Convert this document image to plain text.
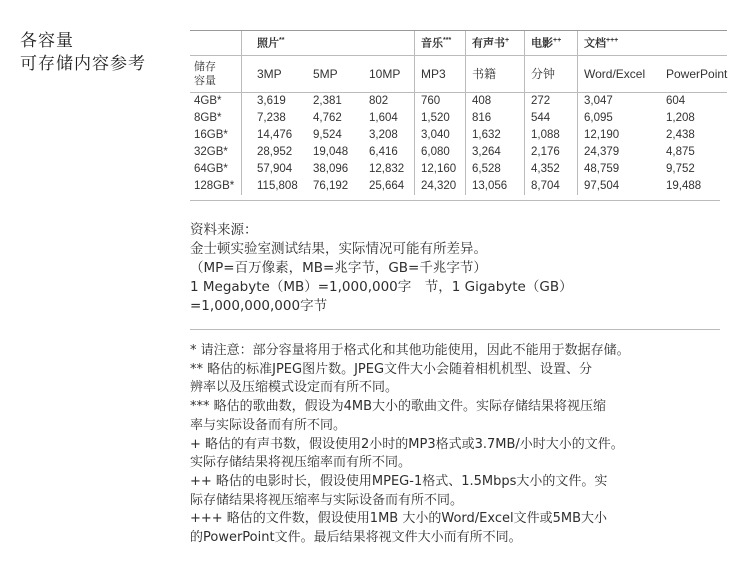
各容量
可存储内容参考
	照片**			音乐***	有声书+	电影++	文档+++

储存
容量	3MP	5MP	10MP	MP3	书籍	分钟	Word/Excel	PowerPoint
4GB*	3,619	2,381	802	760	408	272	3,047	604
8GB*	7,238	4,762	1,604	1,520	816	544	6,095	1,208
16GB*	14,476	9,524	3,208	3,040	1,632	1,088	12,190	2,438
32GB*	28,952	19,048	6,416	6,080	3,264	2,176	24,379	4,875
64GB*	57,904	38,096	12,832	12,160	6,528	4,352	48,759	9,752
128GB*	115,808	76,192	25,664	24,320	13,056	8,704	97,504	19,488
资料来源：
金士顿实验室测试结果，实际情况可能有所差异。
（MP=百万像素，MB=兆字节，GB=千兆字节）
1 Megabyte（MB）=1,000,000字　节，1 Gigabyte（GB）
=1,000,000,000字节
* 请注意：部分容量将用于格式化和其他功能使用，因此不能用于数据存储。
** 略估的标准JPEG图片数。JPEG文件大小会随着相机机型、设置、分
辨率以及压缩模式设定而有所不同。
*** 略估的歌曲数，假设为4MB大小的歌曲文件。实际存储结果将视压缩
率与实际设备而有所不同。
+ 略估的有声书数，假设使用2小时的MP3格式或3.7MB/小时大小的文件。
实际存储结果将视压缩率而有所不同。
++ 略估的电影时长，假设使用MPEG-1格式、1.5Mbps大小的文件。实
际存储结果将视压缩率与实际设备而有所不同。
+++ 略估的文件数，假设使用1MB 大小的Word/Excel文件或5MB大小
的PowerPoint文件。最后结果将视文件大小而有所不同。
